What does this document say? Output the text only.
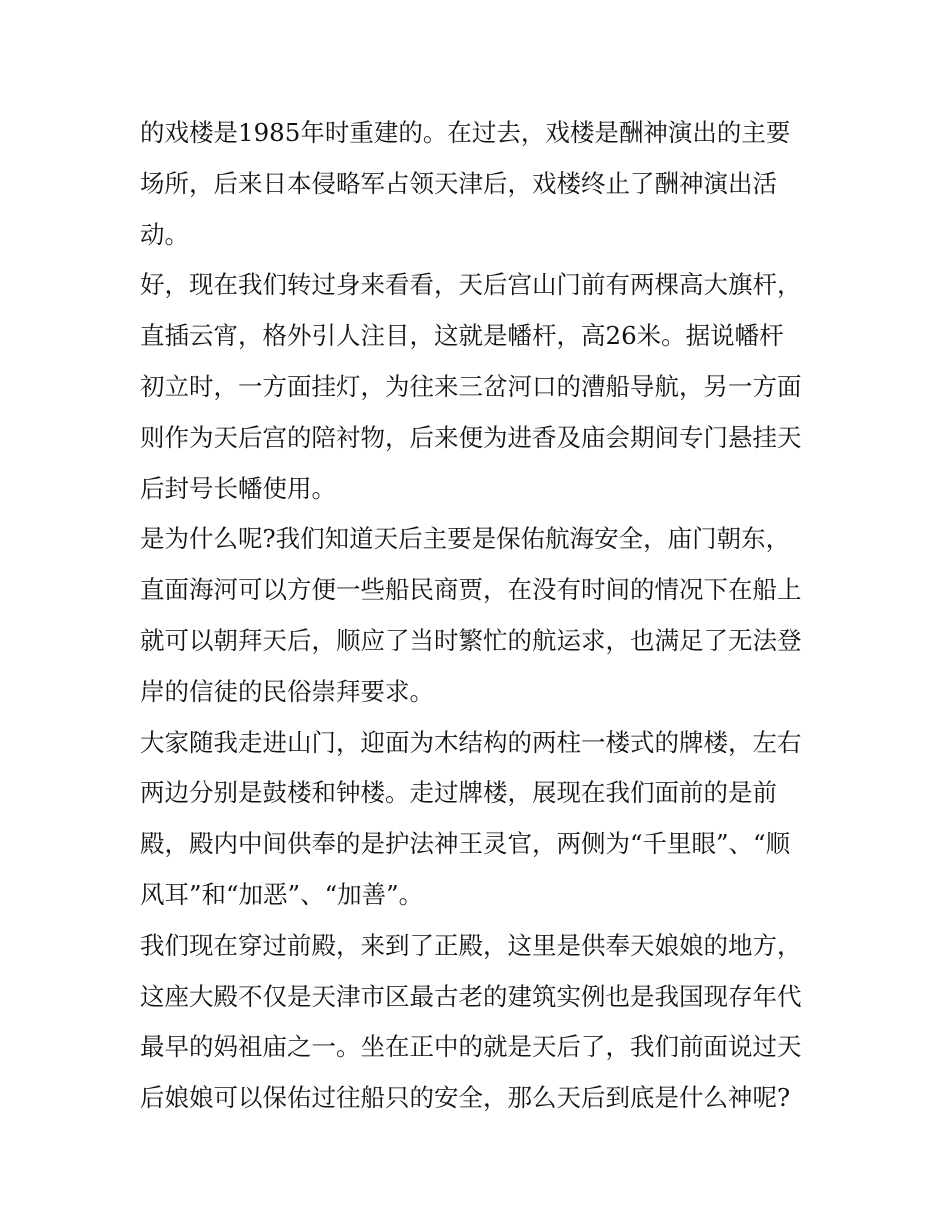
的戏楼是1985年时重建的。在过去，戏楼是酬神演出的主要
场所，后来日本侵略军占领天津后，戏楼终止了酬神演出活
动。
好，现在我们转过身来看看，天后宫山门前有两棵高大旗杆，
直插云宵，格外引人注目，这就是幡杆，高26米。据说幡杆
初立时，一方面挂灯，为往来三岔河口的漕船导航，另一方面
则作为天后宫的陪衬物，后来便为进香及庙会期间专门悬挂天
后封号长幡使用。
是为什么呢?我们知道天后主要是保佑航海安全，庙门朝东，
直面海河可以方便一些船民商贾，在没有时间的情况下在船上
就可以朝拜天后，顺应了当时繁忙的航运求，也满足了无法登
岸的信徒的民俗崇拜要求。
大家随我走进山门，迎面为木结构的两柱一楼式的牌楼，左右
两边分别是鼓楼和钟楼。走过牌楼，展现在我们面前的是前
殿，殿内中间供奉的是护法神王灵官，两侧为“千里眼”、“顺
风耳”和“加恶”、“加善”。
我们现在穿过前殿，来到了正殿，这里是供奉天娘娘的地方，
这座大殿不仅是天津市区最古老的建筑实例也是我国现存年代
最早的妈祖庙之一。坐在正中的就是天后了，我们前面说过天
后娘娘可以保佑过往船只的安全，那么天后到底是什么神呢?
